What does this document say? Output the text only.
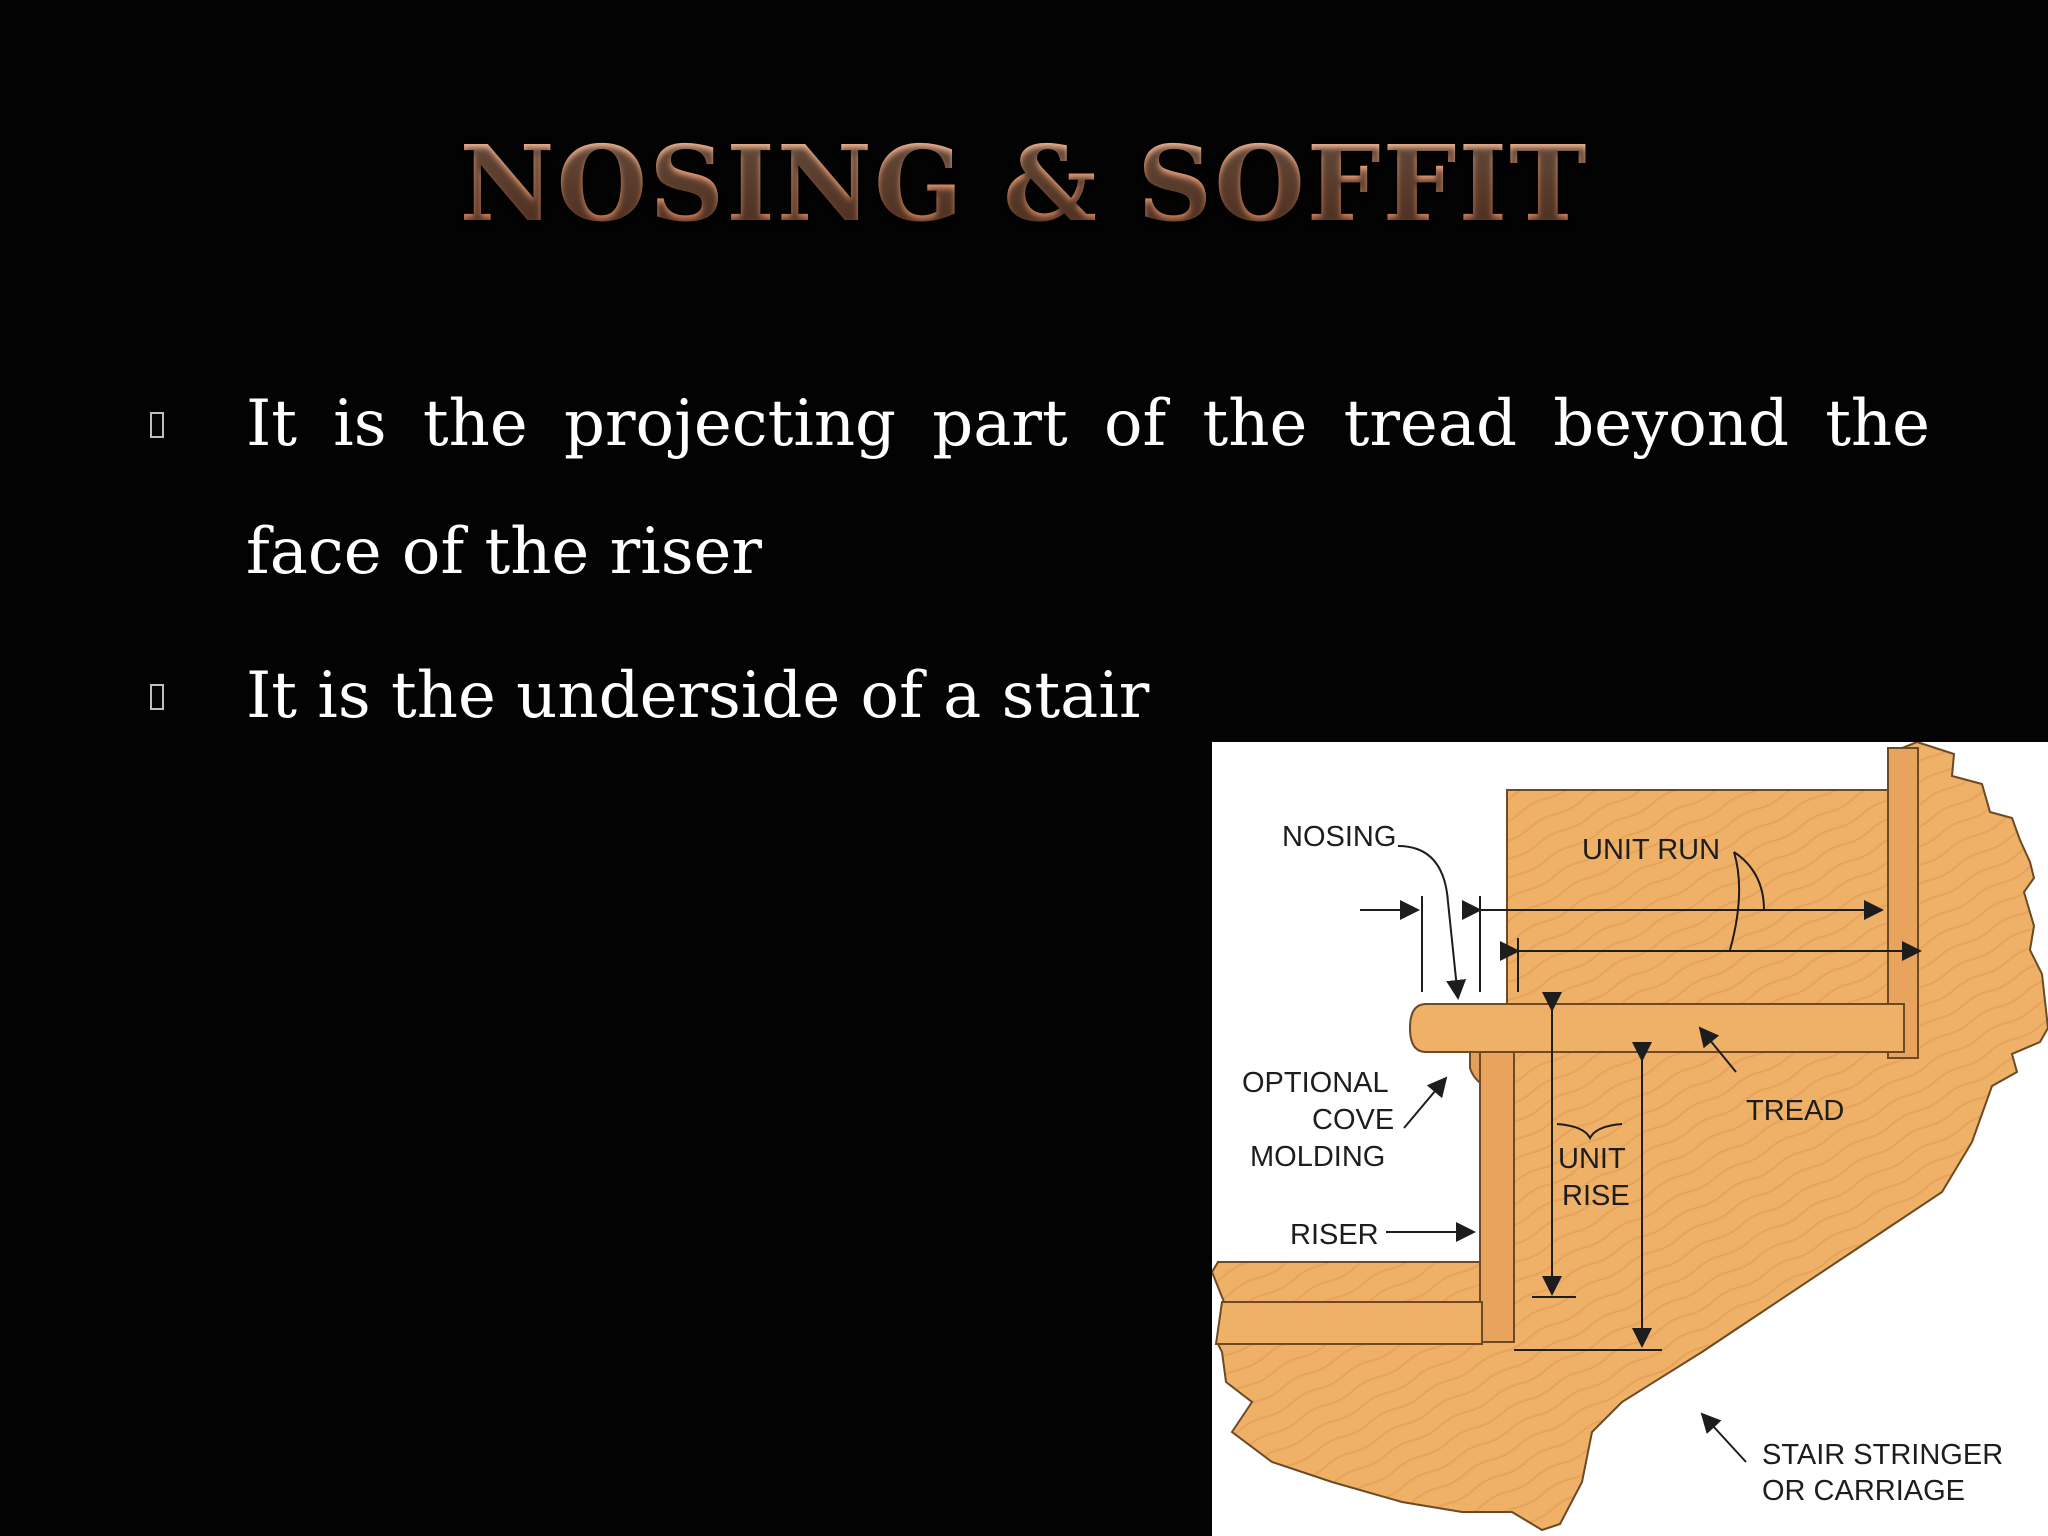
NOSING & SOFFIT
It is the projecting part of the tread beyond the face of the riser
It is the underside of a stair
NOSING	UNIT RUN
OPTIONAL
COVE
MOLDING	UNIT
RISE
TREAD
RISER
STAIR STRINGER
OR CARRIAGE
